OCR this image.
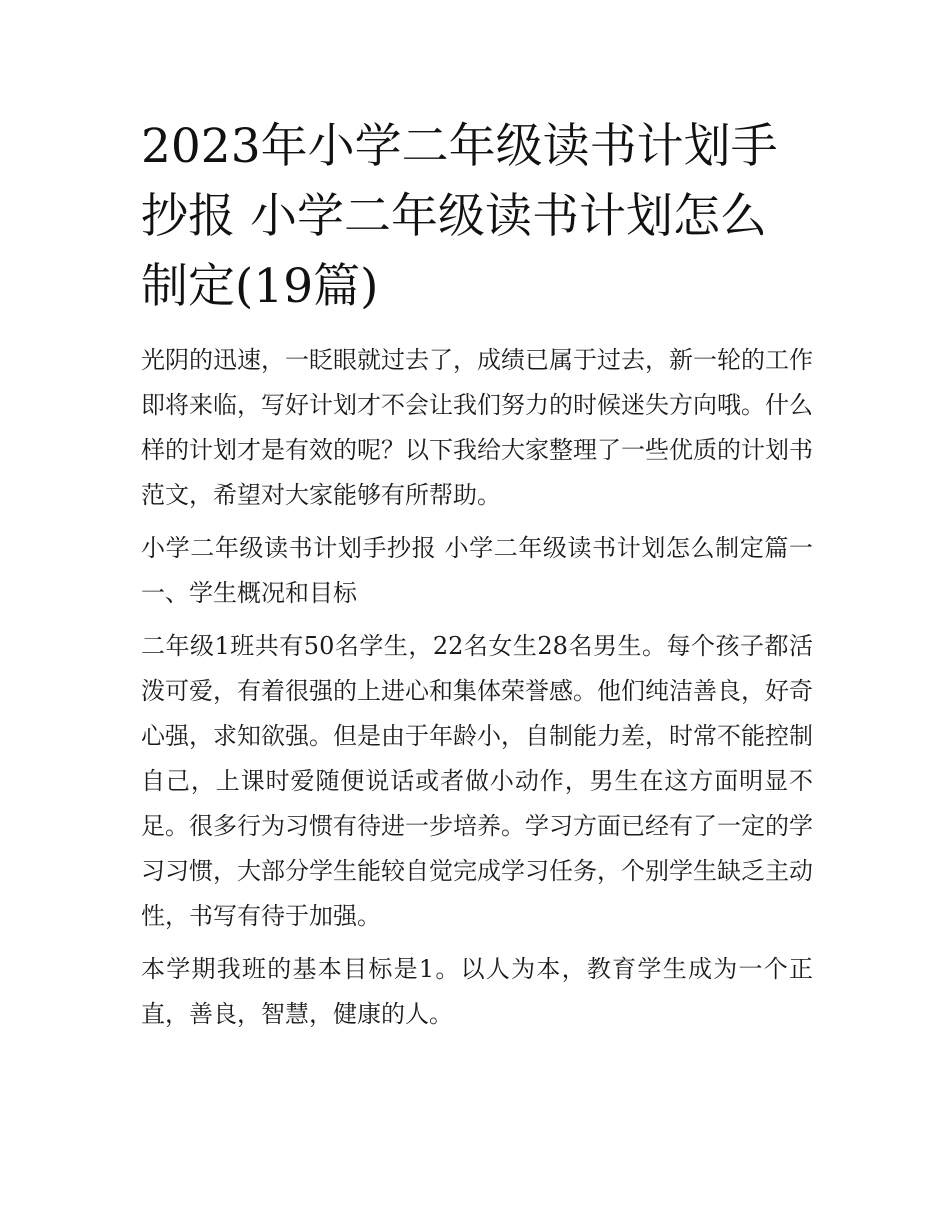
2023年小学二年级读书计划手抄报 小学二年级读书计划怎么制定(19篇)

光阴的迅速，一眨眼就过去了，成绩已属于过去，新一轮的工作即将来临，写好计划才不会让我们努力的时候迷失方向哦。什么样的计划才是有效的呢？以下我给大家整理了一些优质的计划书范文，希望对大家能够有所帮助。

小学二年级读书计划手抄报 小学二年级读书计划怎么制定篇一 一、学生概况和目标

二年级1班共有50名学生，22名女生28名男生。每个孩子都活泼可爱，有着很强的上进心和集体荣誉感。他们纯洁善良，好奇心强，求知欲强。但是由于年龄小，自制能力差，时常不能控制自己，上课时爱随便说话或者做小动作，男生在这方面明显不足。很多行为习惯有待进一步培养。学习方面已经有了一定的学习习惯，大部分学生能较自觉完成学习任务，个别学生缺乏主动性，书写有待于加强。

本学期我班的基本目标是1。以人为本，教育学生成为一个正直，善良，智慧，健康的人。
